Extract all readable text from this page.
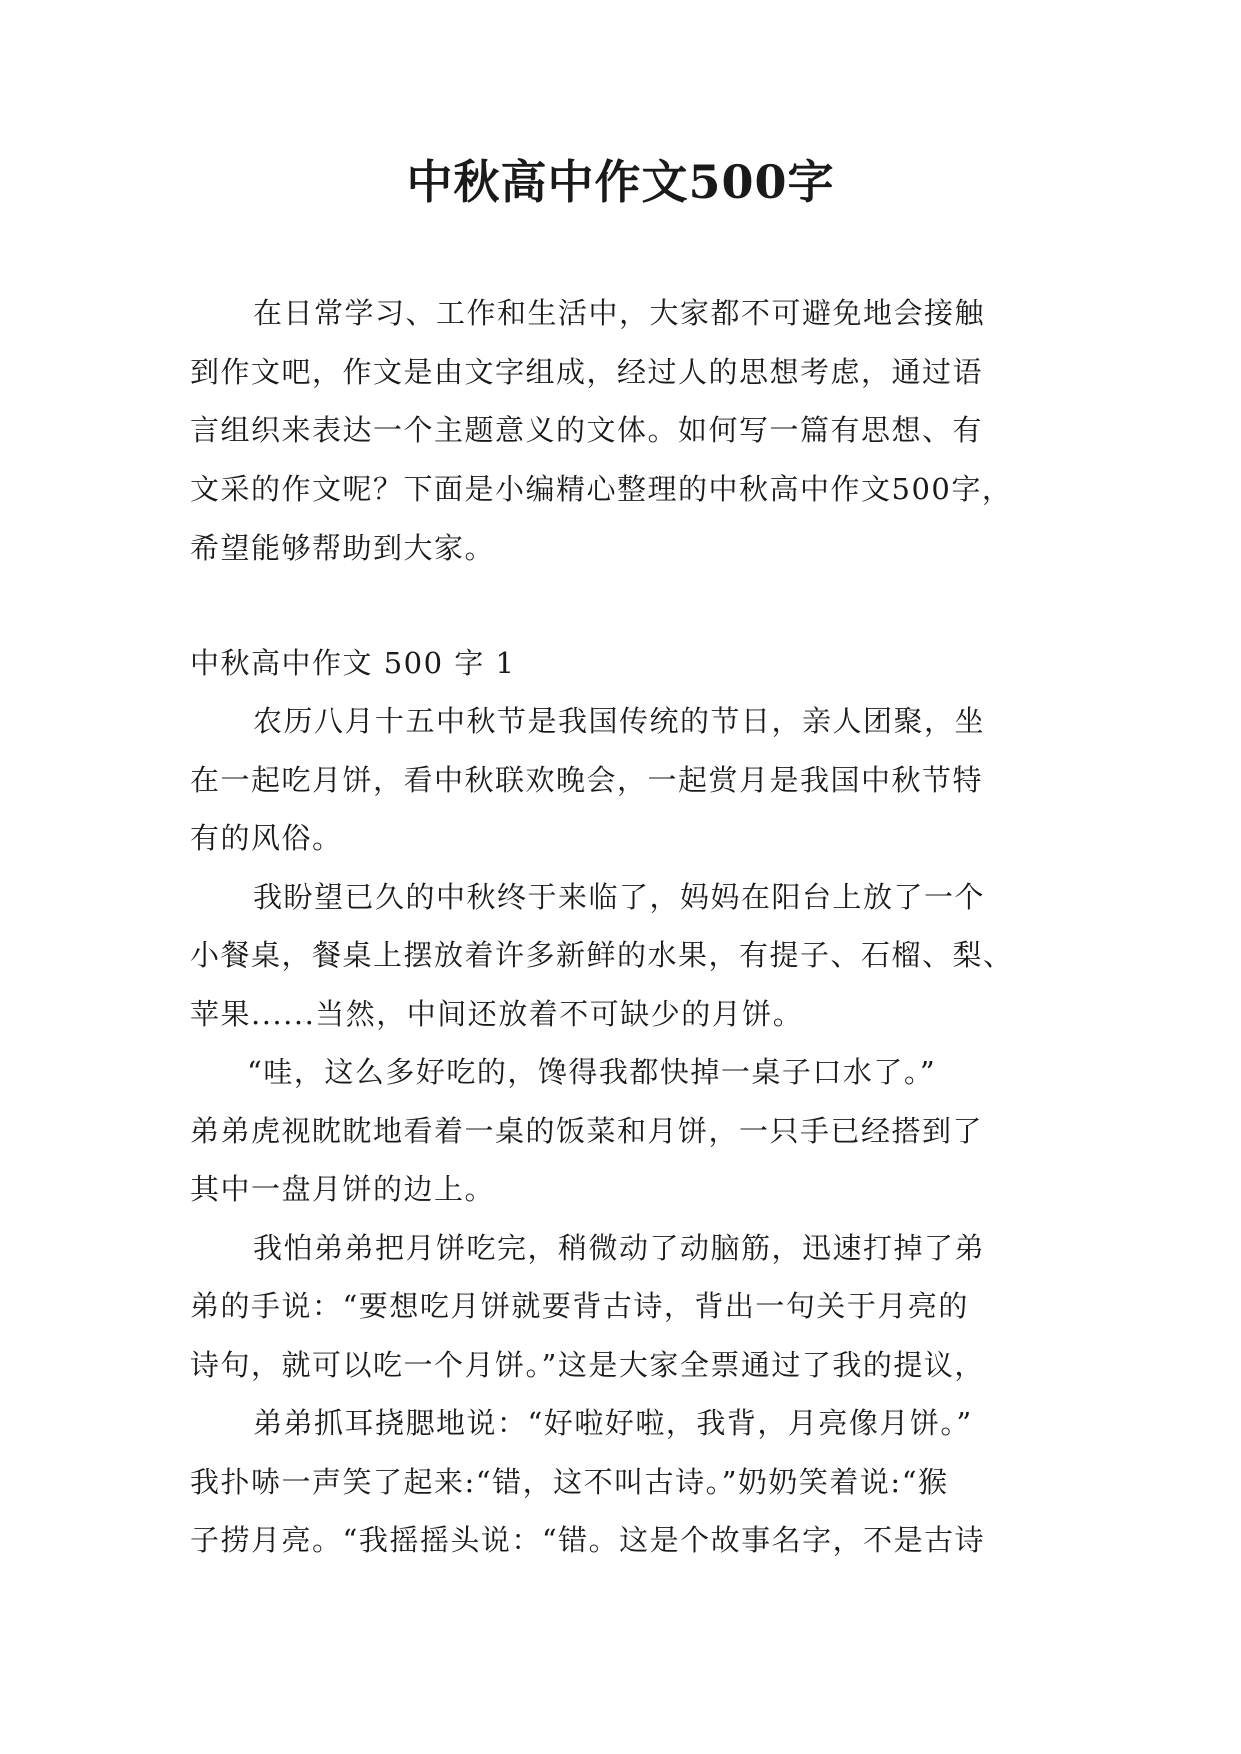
中秋高中作文500字

在日常学习、工作和生活中，大家都不可避免地会接触

到作文吧，作文是由文字组成，经过人的思想考虑，通过语

言组织来表达一个主题意义的文体。如何写一篇有思想、有

文采的作文呢？下面是小编精心整理的中秋高中作文500字，

希望能够帮助到大家。

中秋高中作文 500 字 1

农历八月十五中秋节是我国传统的节日，亲人团聚，坐

在一起吃月饼，看中秋联欢晚会，一起赏月是我国中秋节特

有的风俗。

我盼望已久的中秋终于来临了，妈妈在阳台上放了一个

小餐桌，餐桌上摆放着许多新鲜的水果，有提子、石榴、梨、

苹果......当然，中间还放着不可缺少的月饼。

“哇，这么多好吃的，馋得我都快掉一桌子口水了。”

弟弟虎视眈眈地看着一桌的饭菜和月饼，一只手已经搭到了

其中一盘月饼的边上。

我怕弟弟把月饼吃完，稍微动了动脑筋，迅速打掉了弟

弟的手说：“要想吃月饼就要背古诗，背出一句关于月亮的

诗句，就可以吃一个月饼。”这是大家全票通过了我的提议，

弟弟抓耳挠腮地说：“好啦好啦，我背，月亮像月饼。”

我扑哧一声笑了起来:“错，这不叫古诗。”奶奶笑着说:“猴

子捞月亮。“我摇摇头说：“错。这是个故事名字，不是古诗
